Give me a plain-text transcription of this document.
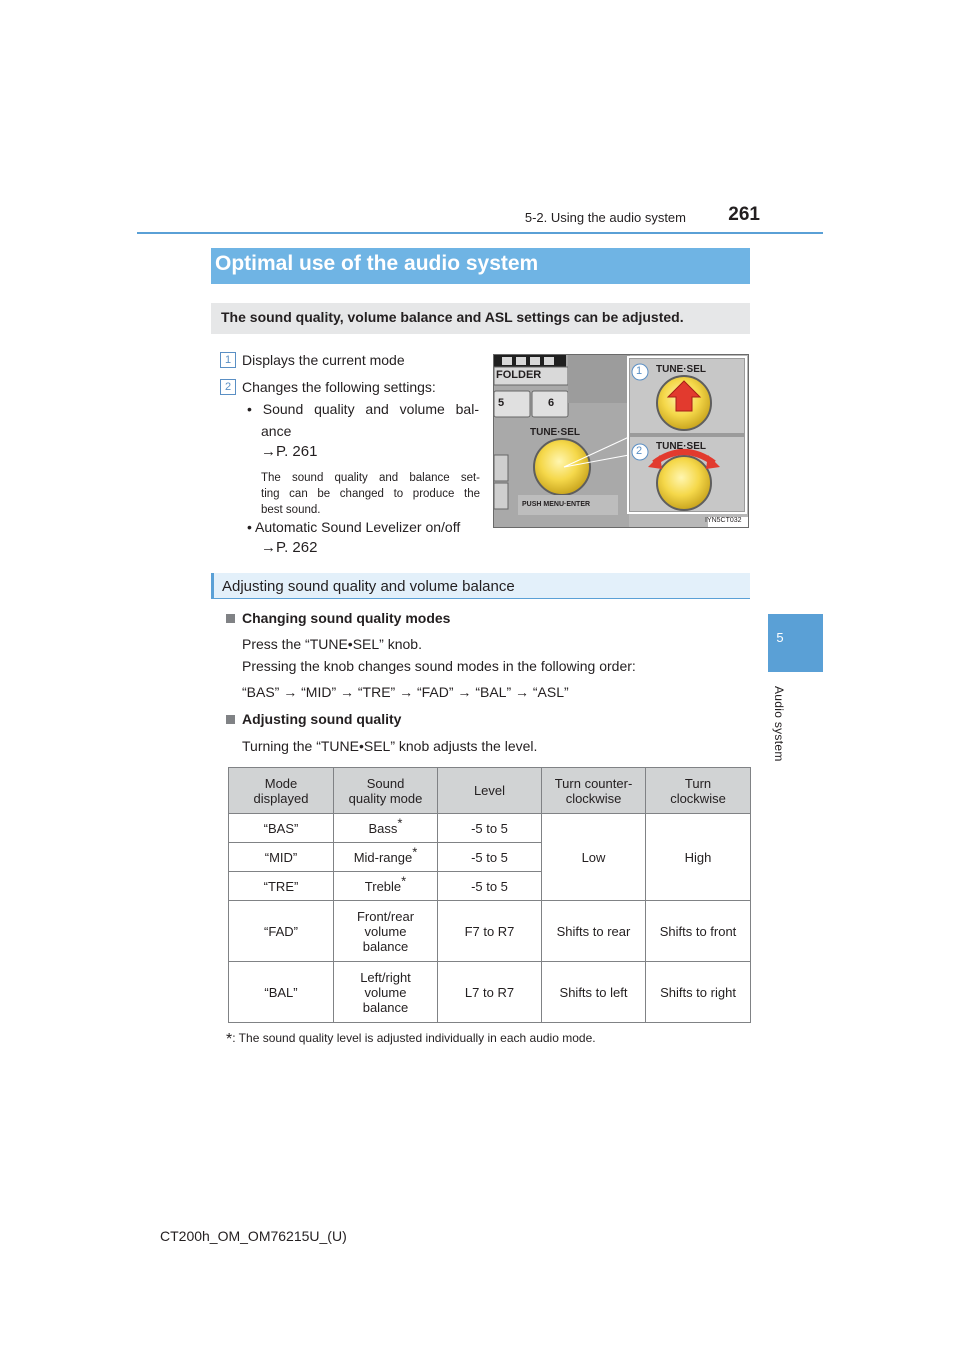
5-2. Using the audio system	261
5
Audio system
Optimal use of the audio system
The sound quality, volume balance and ASL settings can be adjusted.
1 Displays the current mode
2 Changes the following settings:
• Sound quality and volume bal-
ance
→P. 261
The sound quality and balance set-
ting can be changed to produce the
best sound.
• Automatic Sound Levelizer on/off
→P. 262
FOLDER
5	6
TUNE·SEL
PUSH MENU·ENTER
1 TUNE·SEL
2 TUNE·SEL
IYN5CT032
Adjusting sound quality and volume balance
Changing sound quality modes
Press the “TUNE•SEL” knob.
Pressing the knob changes sound modes in the following order:
“BAS” → “MID” → “TRE” → “FAD” → “BAL” → “ASL”
Adjusting sound quality
Turning the “TUNE•SEL” knob adjusts the level.
Mode
displayed	Sound
quality mode	Level	Turn counter-
clockwise	Turn
clockwise
“BAS”	Bass*	-5 to 5	Low	High
“MID”	Mid-range*	-5 to 5		
“TRE”	Treble*	-5 to 5		
“FAD”	Front/rear
volume
balance	F7 to R7	Shifts to rear	Shifts to front
“BAL”	Left/right
volume
balance	L7 to R7	Shifts to left	Shifts to right
*: The sound quality level is adjusted individually in each audio mode.
CT200h_OM_OM76215U_(U)
